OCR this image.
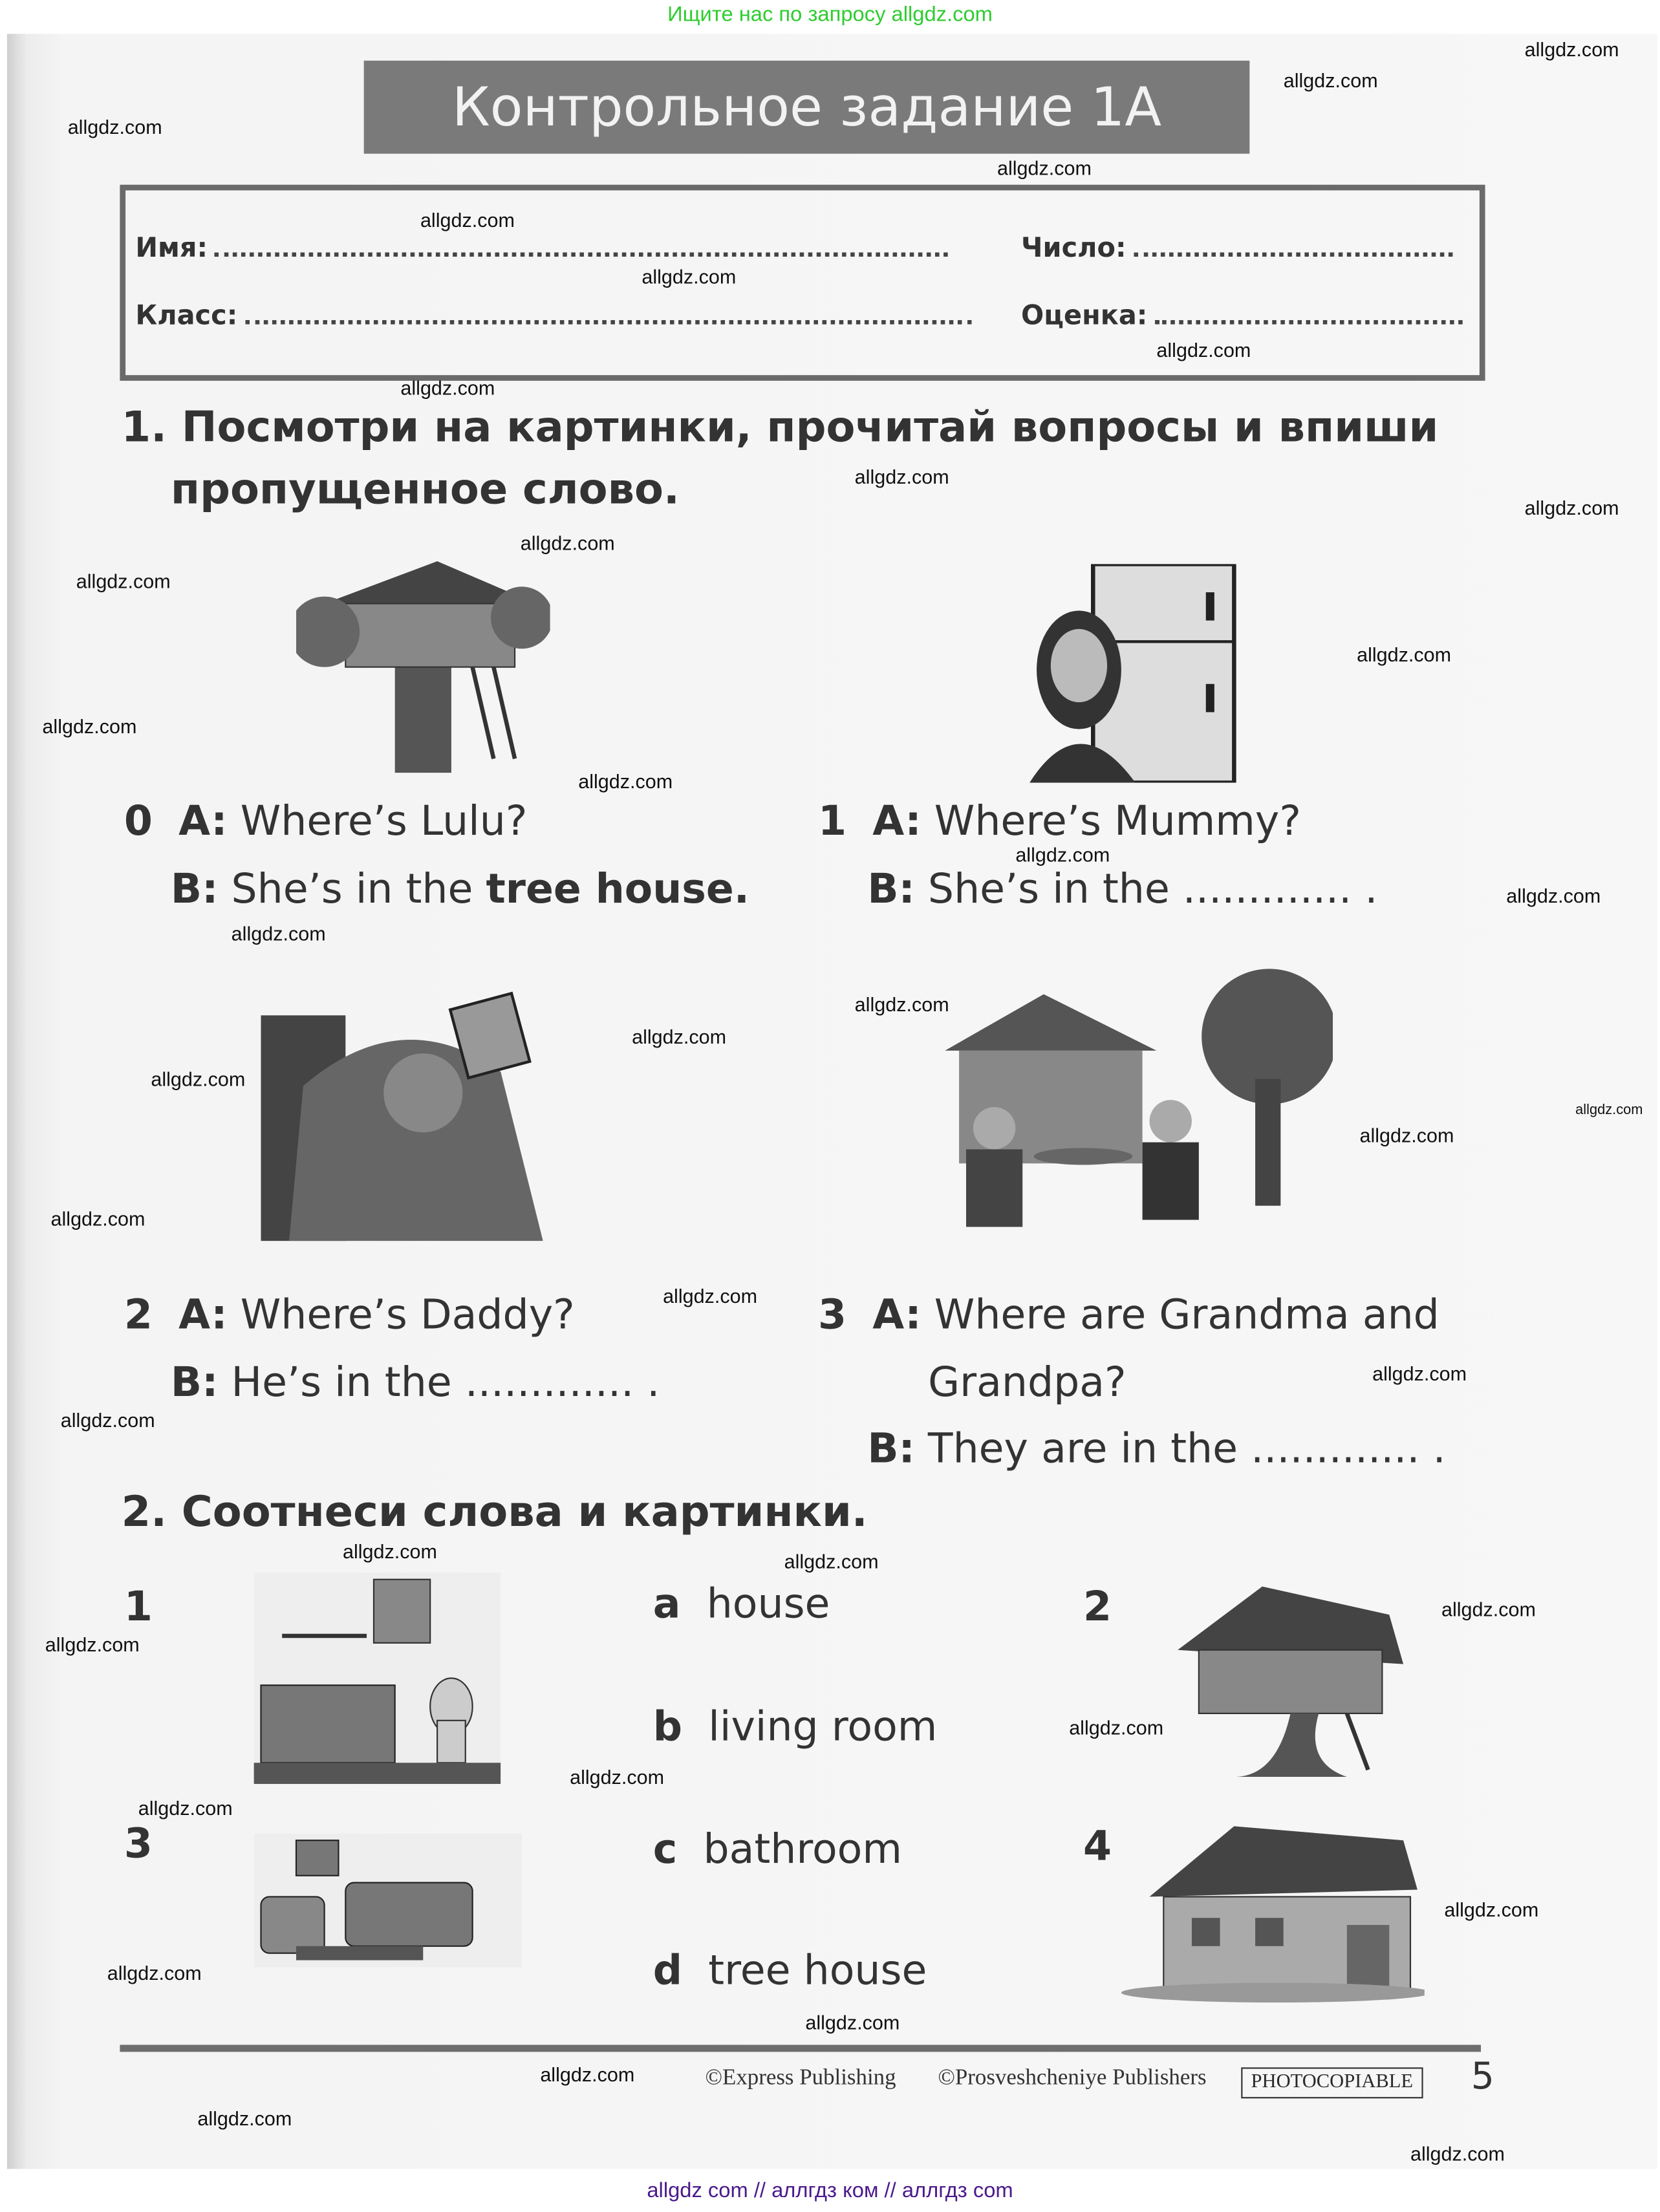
Ищите нас по запросу allgdz.com
Контрольное задание 1A
Имя:	Число:
Класс:	Оценка:
1. Посмотри на картинки, прочитай вопросы и впиши
пропущенное слово.
0 A: Where’s Lulu?
B: She’s in the tree house.
1 A: Where’s Mummy?
B: She’s in the ............. .
2 A: Where’s Daddy?
B: He’s in the ............. .
3 A: Where are Grandma and
Grandpa?
B: They are in the ............. .
2. Соотнеси слова и картинки.
1	2
3	4
a house
b living room
c bathroom
d tree house
©Express Publishing	©Prosveshcheniye Publishers	PHOTOCOPIABLE	5
allgdz com // аллгдз ком // аллгдз com
allgdz.com
allgdz.com
allgdz.com
allgdz.com
allgdz.com
allgdz.com
allgdz.com
allgdz.com
allgdz.com
allgdz.com
allgdz.com
allgdz.com
allgdz.com
allgdz.com
allgdz.com
allgdz.com
allgdz.com
allgdz.com
allgdz.com
allgdz.com
allgdz.com
allgdz.com
allgdz.com
allgdz.com
allgdz.com
allgdz.com
allgdz.com
allgdz.com	allgdz.com
allgdz.com
allgdz.com
allgdz.com
allgdz.com
allgdz.com
allgdz.com
allgdz.com
allgdz.com
allgdz.com
allgdz.com
allgdz.com
